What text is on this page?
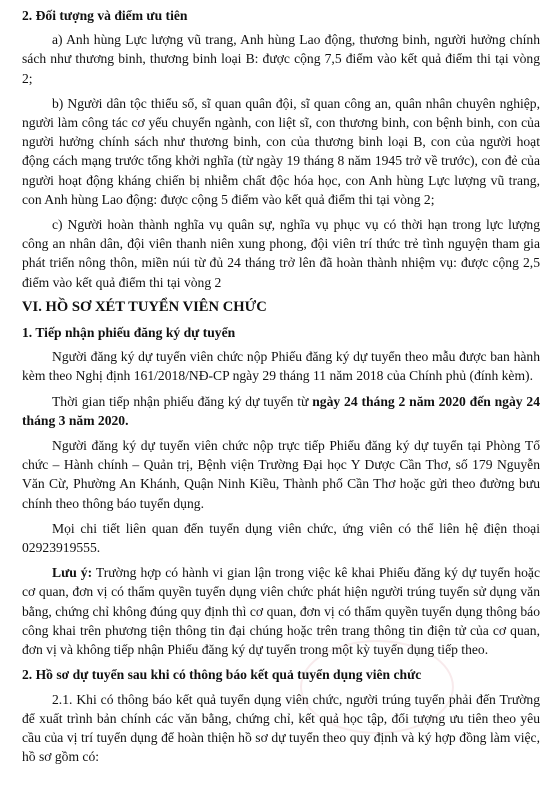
2. Đối tượng và điểm ưu tiên

a) Anh hùng Lực lượng vũ trang, Anh hùng Lao động, thương binh, người hưởng chính sách như thương binh, thương binh loại B: được cộng 7,5 điểm vào kết quả điểm thi tại vòng 2;

b) Người dân tộc thiểu số, sĩ quan quân đội, sĩ quan công an, quân nhân chuyên nghiệp, người làm công tác cơ yếu chuyển ngành, con liệt sĩ, con thương binh, con bệnh binh, con của người hưởng chính sách như thương binh, con của thương binh loại B, con của người hoạt động cách mạng trước tổng khởi nghĩa (từ ngày 19 tháng 8 năm 1945 trở về trước), con đẻ của người hoạt động kháng chiến bị nhiễm chất độc hóa học, con Anh hùng Lực lượng vũ trang, con Anh hùng Lao động: được cộng 5 điểm vào kết quả điểm thi tại vòng 2;

c) Người hoàn thành nghĩa vụ quân sự, nghĩa vụ phục vụ có thời hạn trong lực lượng công an nhân dân, đội viên thanh niên xung phong, đội viên trí thức trẻ tình nguyện tham gia phát triển nông thôn, miền núi từ đủ 24 tháng trở lên đã hoàn thành nhiệm vụ: được cộng 2,5 điểm vào kết quả điểm thi tại vòng 2

VI. HỒ SƠ XÉT TUYỂN VIÊN CHỨC
1. Tiếp nhận phiếu đăng ký dự tuyển

Người đăng ký dự tuyển viên chức nộp Phiếu đăng ký dự tuyển theo mẫu được ban hành kèm theo Nghị định 161/2018/NĐ-CP ngày 29 tháng 11 năm 2018 của Chính phủ (đính kèm).

Thời gian tiếp nhận phiếu đăng ký dự tuyển từ ngày 24 tháng 2 năm 2020 đến ngày 24 tháng 3 năm 2020.

Người đăng ký dự tuyển viên chức nộp trực tiếp Phiếu đăng ký dự tuyển tại Phòng Tổ chức – Hành chính – Quản trị, Bệnh viện Trường Đại học Y Dược Cần Thơ, số 179 Nguyễn Văn Cừ, Phường An Khánh, Quận Ninh Kiều, Thành phố Cần Thơ hoặc gửi theo đường bưu chính theo thông báo tuyển dụng.

Mọi chi tiết liên quan đến tuyển dụng viên chức, ứng viên có thể liên hệ điện thoại 02923919555.

Lưu ý: Trường hợp có hành vi gian lận trong việc kê khai Phiếu đăng ký dự tuyển hoặc cơ quan, đơn vị có thẩm quyền tuyển dụng viên chức phát hiện người trúng tuyển sử dụng văn bằng, chứng chỉ không đúng quy định thì cơ quan, đơn vị có thẩm quyền tuyển dụng thông báo công khai trên phương tiện thông tin đại chúng hoặc trên trang thông tin điện tử của cơ quan, đơn vị và không tiếp nhận Phiếu đăng ký dự tuyển trong một kỳ tuyển dụng tiếp theo.

2. Hồ sơ dự tuyển sau khi có thông báo kết quả tuyển dụng viên chức

2.1. Khi có thông báo kết quả tuyển dụng viên chức, người trúng tuyển phải đến Trường để xuất trình bản chính các văn bằng, chứng chỉ, kết quả học tập, đối tượng ưu tiên theo yêu cầu của vị trí tuyển dụng để hoàn thiện hồ sơ dự tuyển theo quy định và ký hợp đồng làm việc, hồ sơ gồm có:
